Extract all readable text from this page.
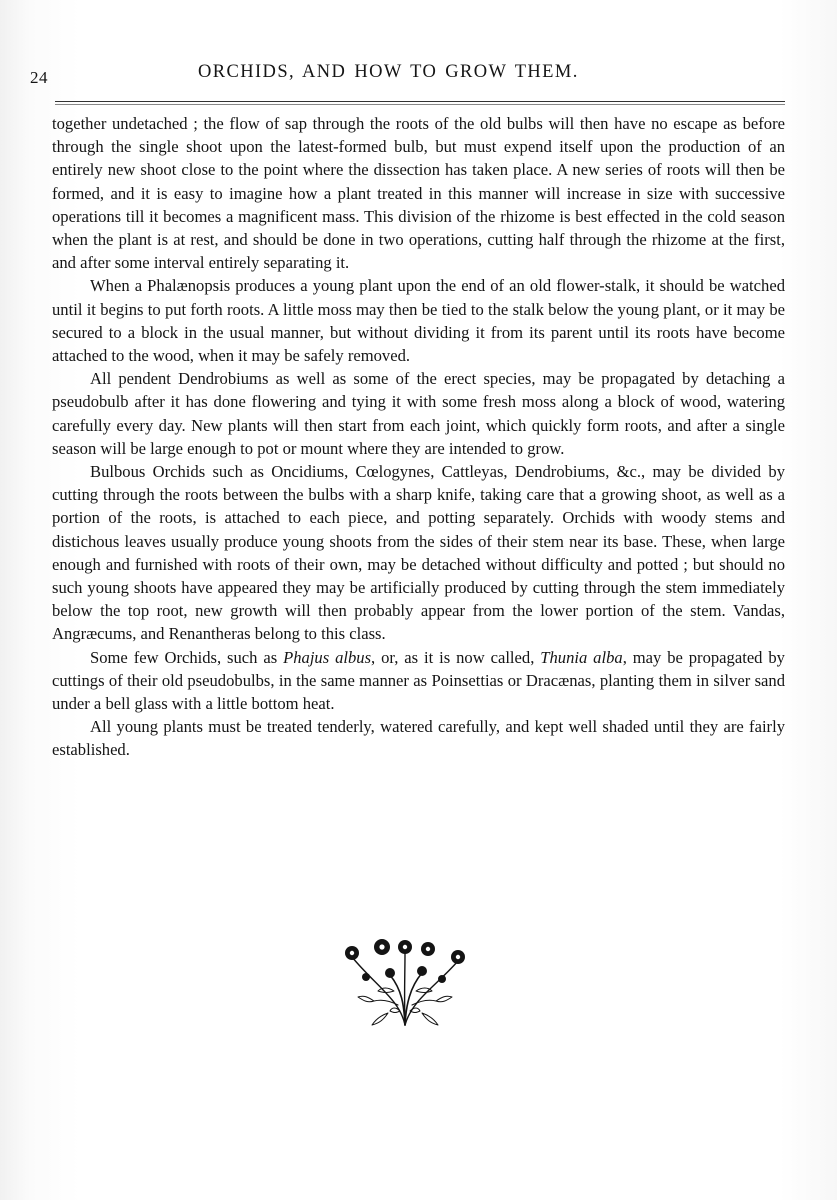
24	ORCHIDS, AND HOW TO GROW THEM.

together undetached ; the flow of sap through the roots of the old bulbs will then have no escape as before through the single shoot upon the latest-formed bulb, but must expend itself upon the production of an entirely new shoot close to the point where the dissection has taken place. A new series of roots will then be formed, and it is easy to imagine how a plant treated in this manner will increase in size with successive operations till it becomes a magnificent mass. This division of the rhizome is best effected in the cold season when the plant is at rest, and should be done in two operations, cutting half through the rhizome at the first, and after some interval entirely separating it.

When a Phalænopsis produces a young plant upon the end of an old flower-stalk, it should be watched until it begins to put forth roots. A little moss may then be tied to the stalk below the young plant, or it may be secured to a block in the usual manner, but without dividing it from its parent until its roots have become attached to the wood, when it may be safely removed.

All pendent Dendrobiums as well as some of the erect species, may be propagated by detaching a pseudobulb after it has done flowering and tying it with some fresh moss along a block of wood, watering carefully every day. New plants will then start from each joint, which quickly form roots, and after a single season will be large enough to pot or mount where they are intended to grow.

Bulbous Orchids such as Oncidiums, Cœlogynes, Cattleyas, Dendrobiums, &c., may be divided by cutting through the roots between the bulbs with a sharp knife, taking care that a growing shoot, as well as a portion of the roots, is attached to each piece, and potting separately. Orchids with woody stems and distichous leaves usually produce young shoots from the sides of their stem near its base. These, when large enough and furnished with roots of their own, may be detached without difficulty and potted ; but should no such young shoots have appeared they may be artificially produced by cutting through the stem immediately below the top root, new growth will then probably appear from the lower portion of the stem. Vandas, Angræcums, and Renantheras belong to this class.

Some few Orchids, such as Phajus albus, or, as it is now called, Thunia alba, may be propagated by cuttings of their old pseudobulbs, in the same manner as Poinsettias or Dracænas, planting them in silver sand under a bell glass with a little bottom heat.

All young plants must be treated tenderly, watered carefully, and kept well shaded until they are fairly established.
